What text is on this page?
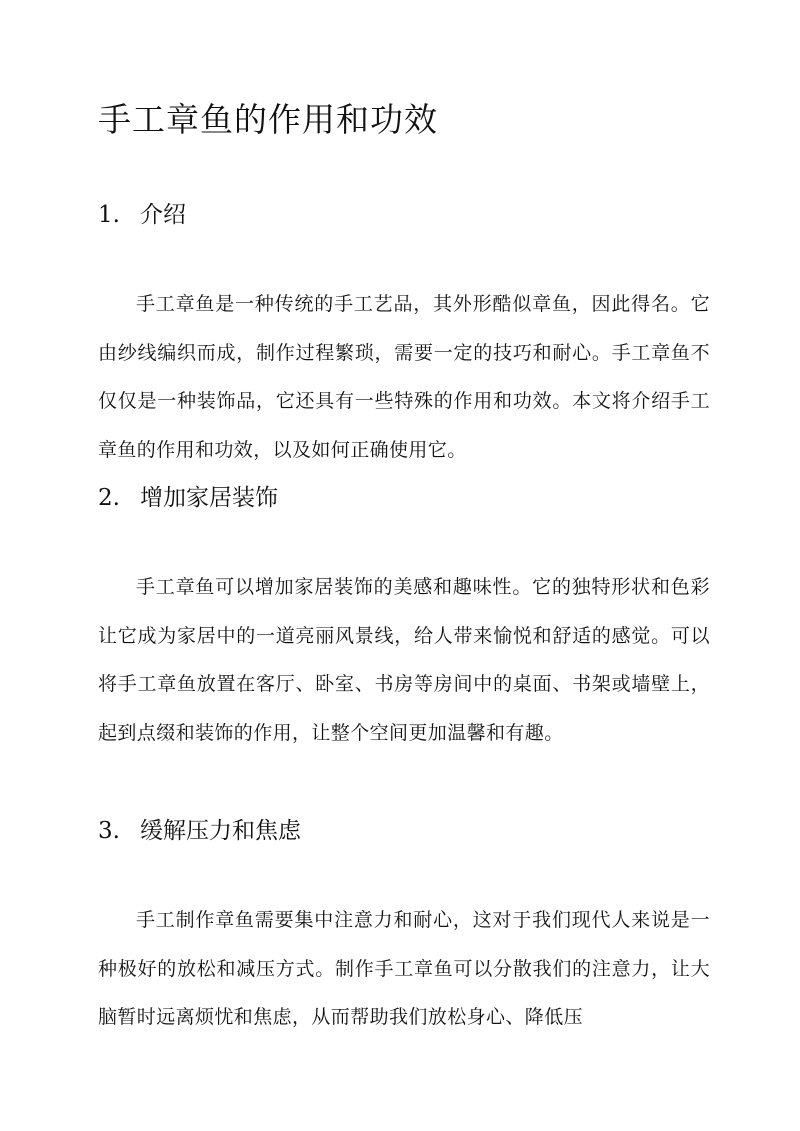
手工章鱼的作用和功效
1. 介绍

手工章鱼是一种传统的手工艺品，其外形酷似章鱼，因此得名。它由纱线编织而成，制作过程繁琐，需要一定的技巧和耐心。手工章鱼不仅仅是一种装饰品，它还具有一些特殊的作用和功效。本文将介绍手工章鱼的作用和功效，以及如何正确使用它。

2. 增加家居装饰

手工章鱼可以增加家居装饰的美感和趣味性。它的独特形状和色彩让它成为家居中的一道亮丽风景线，给人带来愉悦和舒适的感觉。可以将手工章鱼放置在客厅、卧室、书房等房间中的桌面、书架或墙壁上，起到点缀和装饰的作用，让整个空间更加温馨和有趣。

3. 缓解压力和焦虑

手工制作章鱼需要集中注意力和耐心，这对于我们现代人来说是一种极好的放松和减压方式。制作手工章鱼可以分散我们的注意力，让大脑暂时远离烦忧和焦虑，从而帮助我们放松身心、降低压
